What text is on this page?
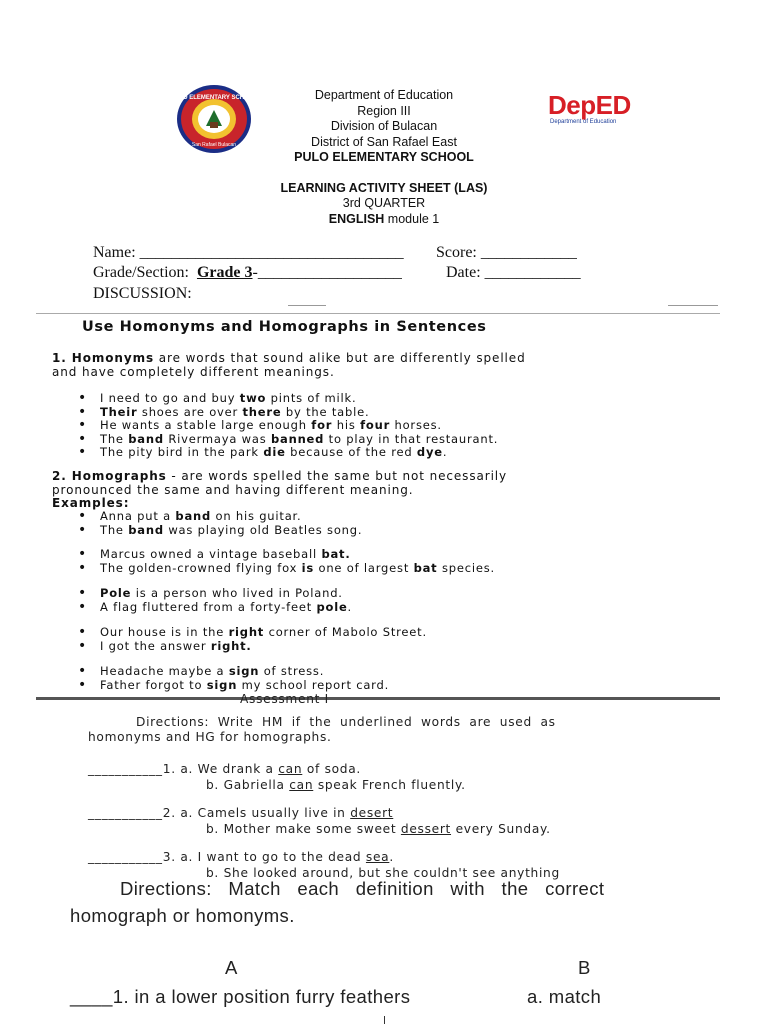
PULO ELEMENTARY SCHOOL
San Rafael Bulacan
DepED
Department of Education
Department of Education
Region III
Division of Bulacan
District of San Rafael East
PULO ELEMENTARY SCHOOL
LEARNING ACTIVITY SHEET (LAS)
3rd QUARTER
ENGLISH module 1
Name: _________________________________ Score: ____________
Grade/Section: Grade 3-__________________	Date: ____________
DISCUSSION:
Use Homonyms and Homographs in Sentences
1. Homonyms are words that sound alike but are differently spelled
and have completely different meanings.
• I need to go and buy two pints of milk.
• Their shoes are over there by the table.
• He wants a stable large enough for his four horses.
• The band Rivermaya was banned to play in that restaurant.
• The pity bird in the park die because of the red dye.
2. Homographs - are words spelled the same but not necessarily
pronounced the same and having different meaning.
Examples:
• Anna put a band on his guitar.
• The band was playing old Beatles song.
• Marcus owned a vintage baseball bat.
• The golden-crowned flying fox is one of largest bat species.
• Pole is a person who lived in Poland.
• A flag fluttered from a forty-feet pole.
• Our house is in the right corner of Mabolo Street.
• I got the answer right.
• Headache maybe a sign of stress.
• Father forgot to sign my school report card.
Assessment I
Directions: Write HM if the underlined words are used as
homonyms and HG for homographs.
___________1. a. We drank a can of soda.
b. Gabriella can speak French fluently.
___________2. a. Camels usually live in desert
b. Mother make some sweet dessert every Sunday.
___________3. a. I want to go to the dead sea.
b. She looked around, but she couldn't see anything
Directions:   Match   each   definition   with   the   correct
homograph or homonyms.
A	B
____1. in a lower position furry feathers	a. match
